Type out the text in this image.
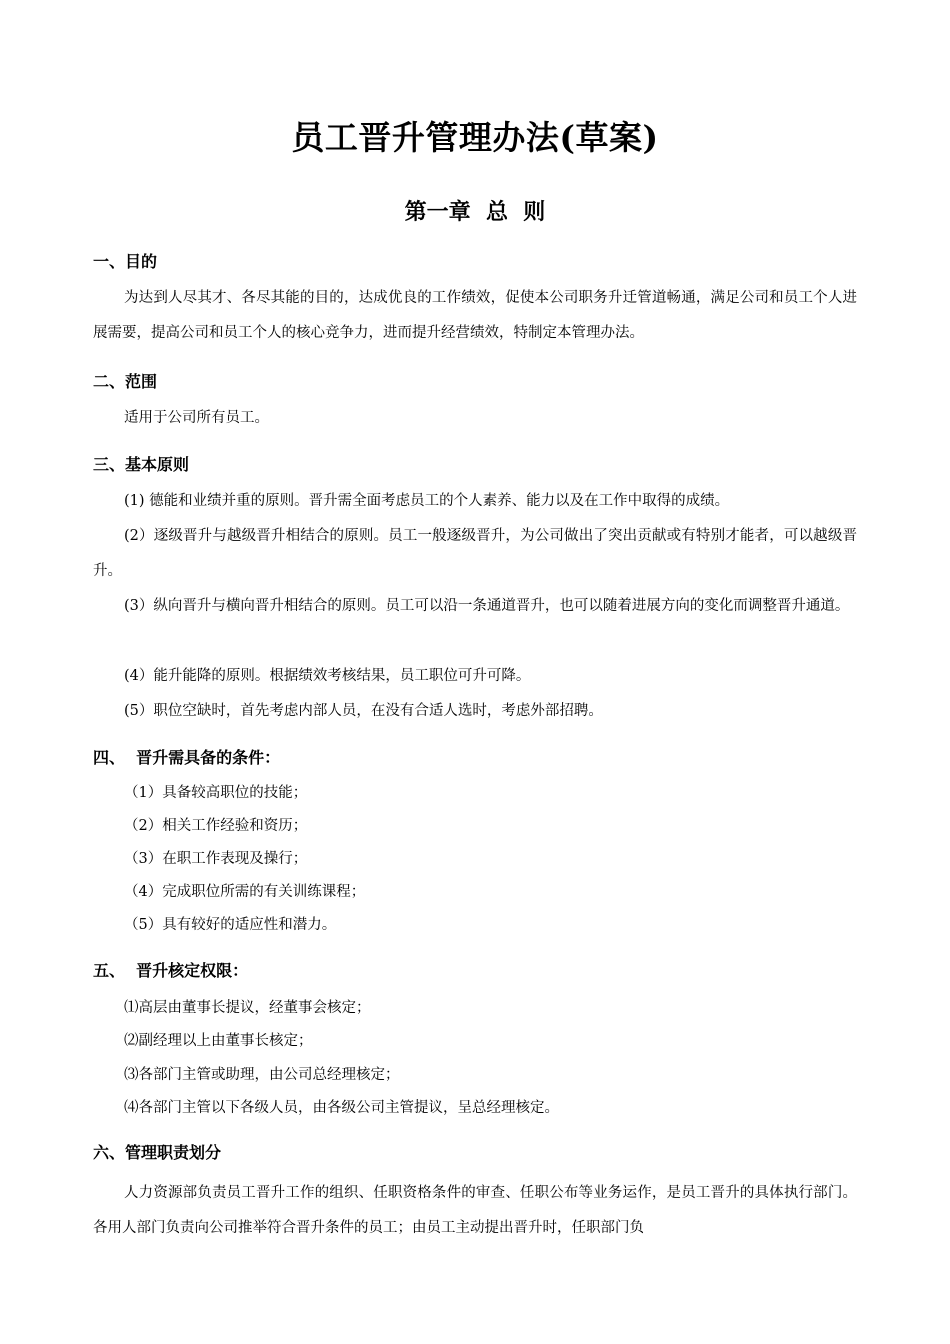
员工晋升管理办法(草案)
第一章  总  则
一、目的
为达到人尽其才、各尽其能的目的，达成优良的工作绩效，促使本公司职务升迁管道畅通，满足公司和员工个人进展需要，提高公司和员工个人的核心竞争力，进而提升经营绩效，特制定本管理办法。
二、范围
适用于公司所有员工。
三、基本原则
(1) 德能和业绩并重的原则。晋升需全面考虑员工的个人素养、能力以及在工作中取得的成绩。
(2）逐级晋升与越级晋升相结合的原则。员工一般逐级晋升，为公司做出了突出贡献或有特别才能者，可以越级晋升。
(3）纵向晋升与横向晋升相结合的原则。员工可以沿一条通道晋升，也可以随着进展方向的变化而调整晋升通道。
(4）能升能降的原则。根据绩效考核结果，员工职位可升可降。
(5）职位空缺时，首先考虑内部人员，在没有合适人选时，考虑外部招聘。
四、  晋升需具备的条件：
（1）具备较高职位的技能；
（2）相关工作经验和资历；
（3）在职工作表现及操行；
（4）完成职位所需的有关训练课程；
（5）具有较好的适应性和潜力。
五、  晋升核定权限：
⑴高层由董事长提议，经董事会核定；
⑵副经理以上由董事长核定；
⑶各部门主管或助理，由公司总经理核定；
⑷各部门主管以下各级人员，由各级公司主管提议，呈总经理核定。
六、管理职责划分
人力资源部负责员工晋升工作的组织、任职资格条件的审查、任职公布等业务运作，是员工晋升的具体执行部门。各用人部门负责向公司推举符合晋升条件的员工；由员工主动提出晋升时，任职部门负
